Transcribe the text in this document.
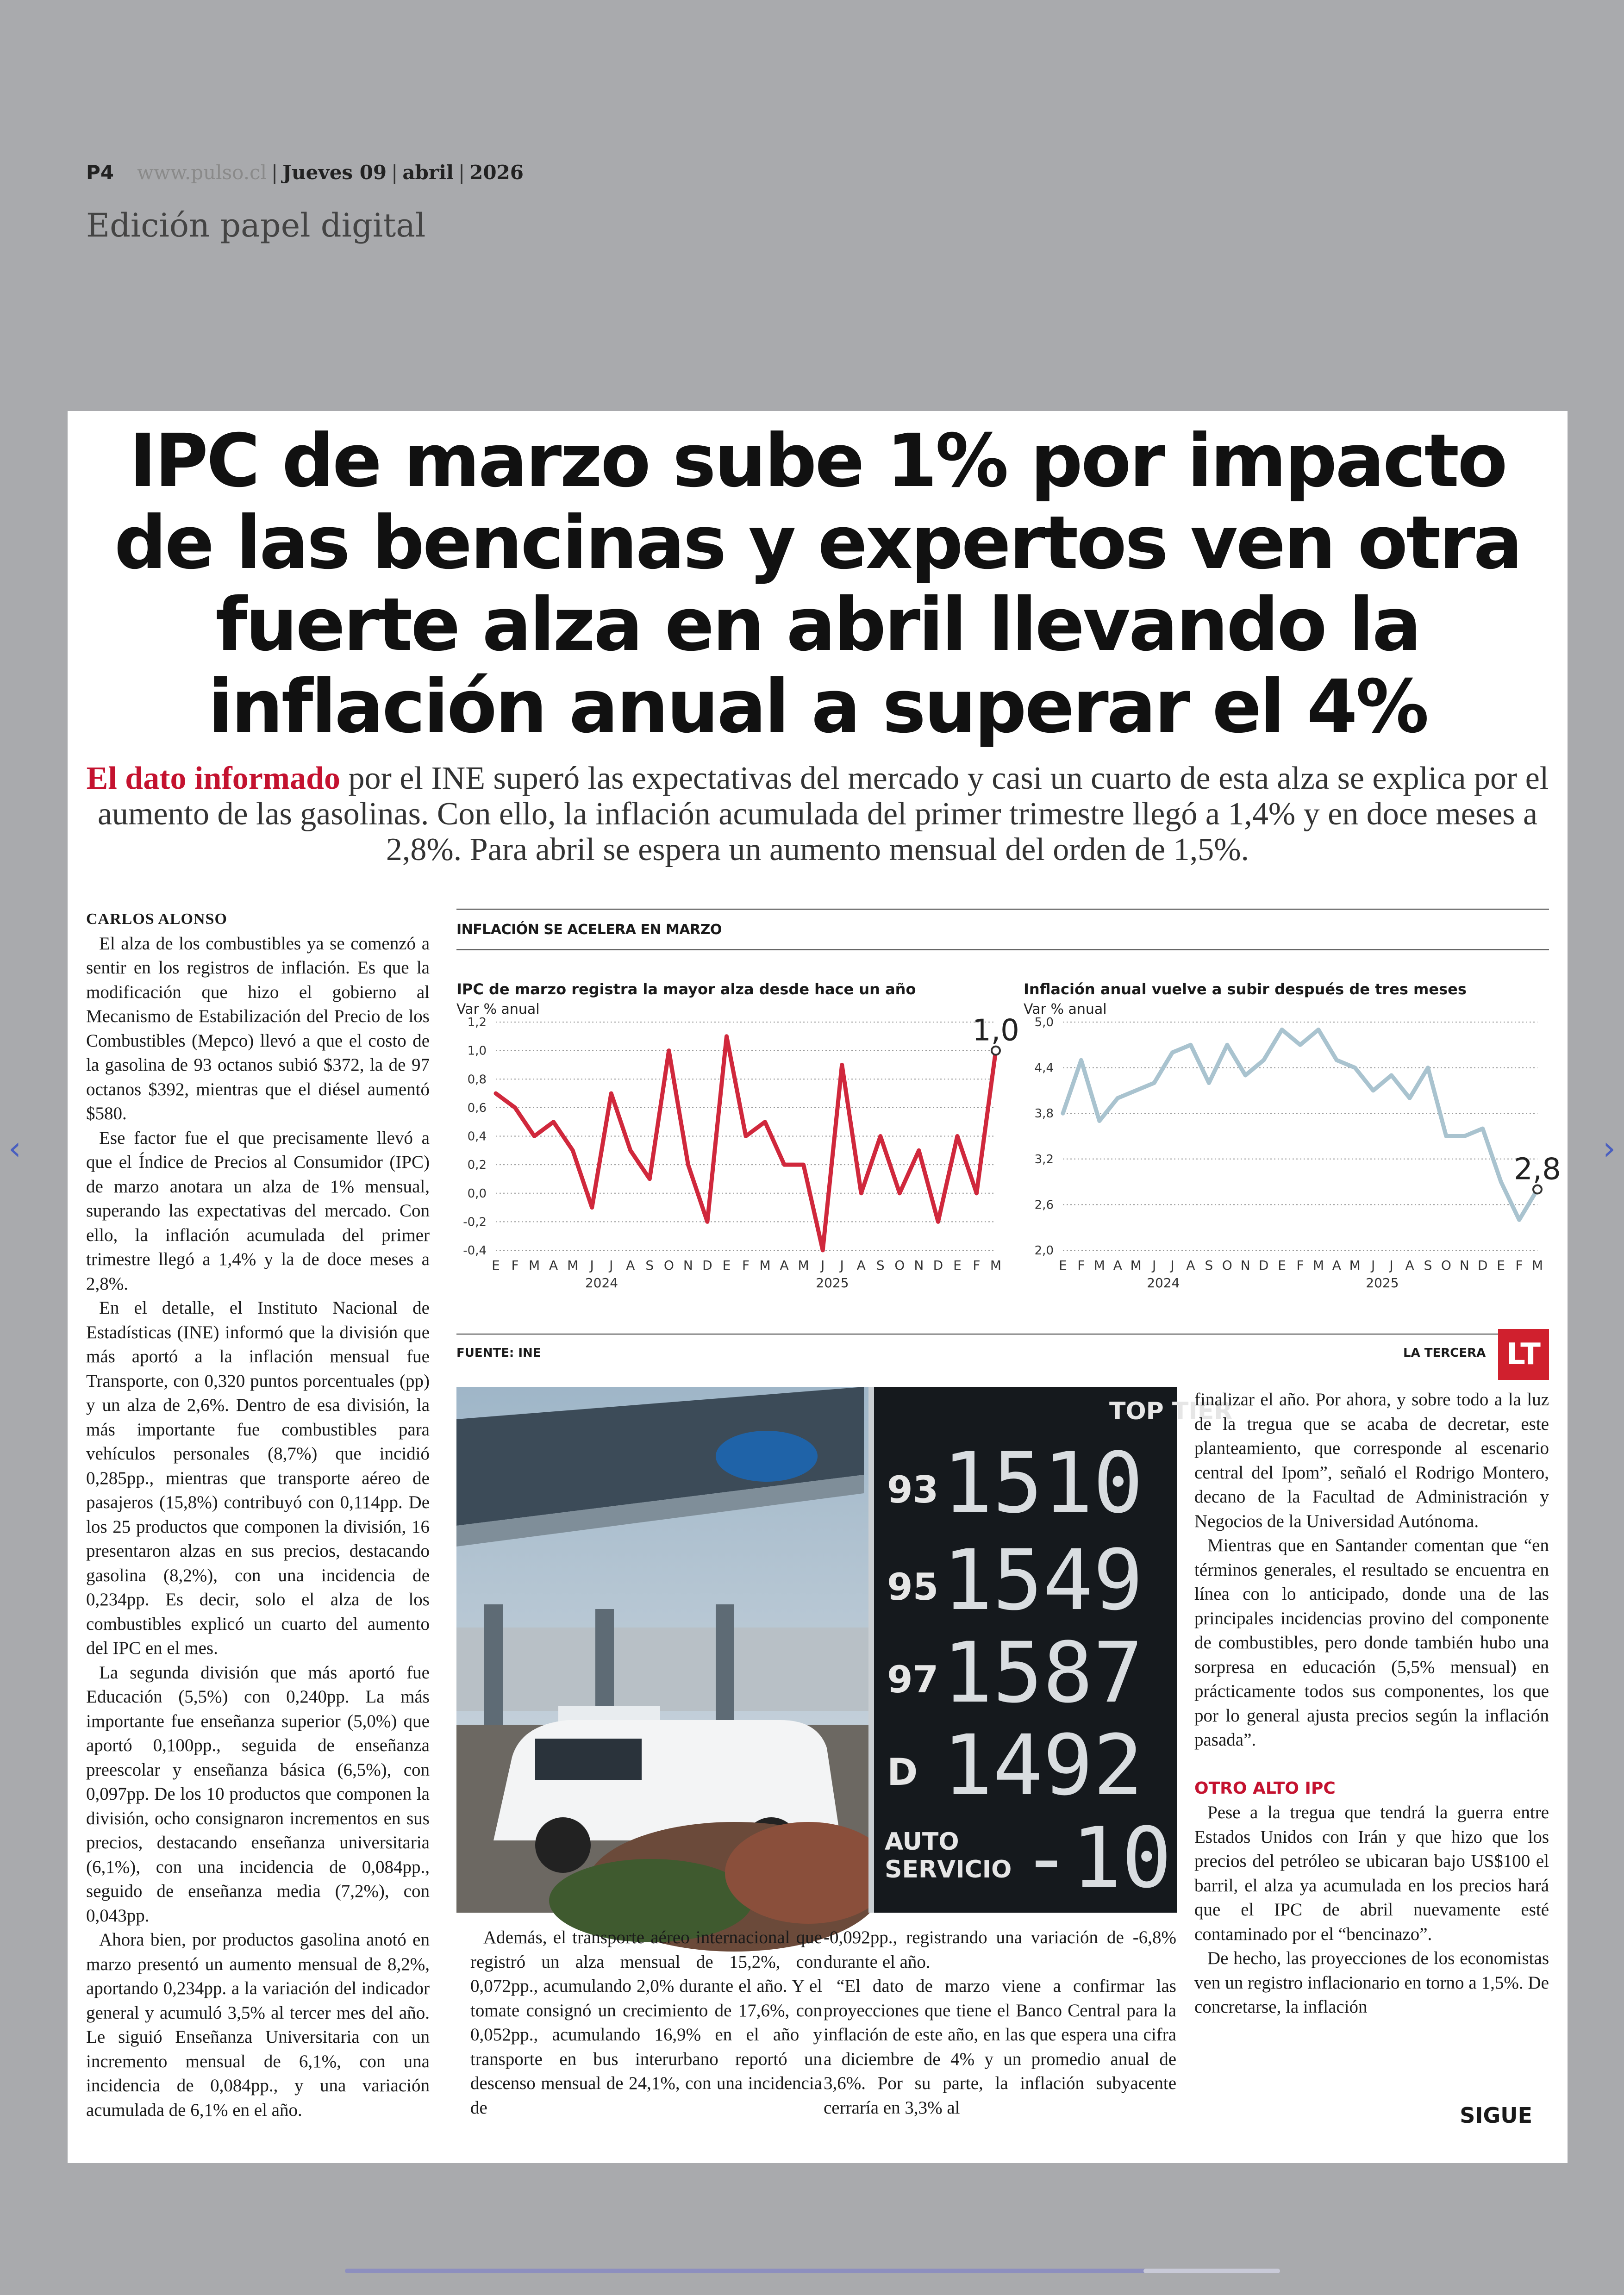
P4 www.pulso.cl | Jueves 09 | abril | 2026
Edición papel digital
‹	›
IPC de marzo sube 1% por impacto de las bencinas y expertos ven otra fuerte alza en abril llevando la inflación anual a superar el 4%

El dato informado por el INE superó las expectativas del mercado y casi un cuarto de esta alza se explica por el aumento de las gasolinas. Con ello, la inflación acumulada del primer trimestre llegó a 1,4% y en doce meses a 2,8%. Para abril se espera un aumento mensual del orden de 1,5%.

CARLOS ALONSO

El alza de los combustibles ya se comenzó a sentir en los registros de inflación. Es que la modificación que hizo el gobierno al Mecanismo de Estabilización del Precio de los Combustibles (Mepco) llevó a que el costo de la gasolina de 93 octanos subió $372, la de 97 octanos $392, mientras que el diésel aumentó $580.

Ese factor fue el que precisamente llevó a que el Índice de Precios al Consumidor (IPC) de marzo anotara un alza de 1% mensual, superando las expectativas del mercado. Con ello, la inflación acumulada del primer trimestre llegó a 1,4% y la de doce meses a 2,8%.

En el detalle, el Instituto Nacional de Estadísticas (INE) informó que la división que más aportó a la inflación mensual fue Transporte, con 0,320 puntos porcentuales (pp) y un alza de 2,6%. Dentro de esa división, la más importante fue combustibles para vehículos personales (8,7%) que incidió 0,285pp., mientras que transporte aéreo de pasajeros (15,8%) contribuyó con 0,114pp. De los 25 productos que componen la división, 16 presentaron alzas en sus precios, destacando gasolina (8,2%), con una incidencia de 0,234pp. Es decir, solo el alza de los combustibles explicó un cuarto del aumento del IPC en el mes.

La segunda división que más aportó fue Educación (5,5%) con 0,240pp. La más importante fue enseñanza superior (5,0%) que aportó 0,100pp., seguida de enseñanza preescolar y enseñanza básica (6,5%), con 0,097pp. De los 10 productos que componen la división, ocho consignaron incrementos en sus precios, destacando enseñanza universitaria (6,1%), con una incidencia de 0,084pp., seguido de enseñanza media (7,2%), con 0,043pp.

Ahora bien, por productos gasolina anotó en marzo presentó un aumento mensual de 8,2%, aportando 0,234pp. a la variación del indicador general y acumuló 3,5% al tercer mes del año. Le siguió Enseñanza Universitaria con un incremento mensual de 6,1%, con una incidencia de 0,084pp., y una variación acumulada de 6,1% en el año.

INFLACIÓN SE ACELERA EN MARZO
IPC de marzo registra la mayor alza desde hace un año
Var % anual
-0,4
-0,2
0,0
0,2
0,4
0,6
0,8
1,0
1,2
E F M A M J J A S O N D E F M A M J J A S O N D E F M
2024	2025
1,0
Inflación anual vuelve a subir después de tres meses
Var % anual
2,0
2,6
3,2
3,8
4,4
5,0
E F M A M J J A S O N D E F M A M J J A S O N D E F M
2024	2025
2,8
FUENTE: INE	LA TERCERA LT
TOP TIER
93 1510
95 1549
97 1587
D 1492
AUTO
SERVICIO -10

Además, el transporte aéreo internacional que registró un alza mensual de 15,2%, con 0,072pp., acumulando 2,0% durante el año. Y el tomate consignó un crecimiento de 17,6%, con 0,052pp., acumulando 16,9% en el año y transporte en bus interurbano reportó un descenso mensual de 24,1%, con una incidencia de

-0,092pp., registrando una variación de -6,8% durante el año.

“El dato de marzo viene a confirmar las proyecciones que tiene el Banco Central para la inflación de este año, en las que espera una cifra a diciembre de 4% y un promedio anual de 3,6%. Por su parte, la inflación subyacente cerraría en 3,3% al

finalizar el año. Por ahora, y sobre todo a la luz de la tregua que se acaba de decretar, este planteamiento, que corresponde al escenario central del Ipom”, señaló el Rodrigo Montero, decano de la Facultad de Administración y Negocios de la Universidad Autónoma.

Mientras que en Santander comentan que “en términos generales, el resultado se encuentra en línea con lo anticipado, donde una de las principales incidencias provino del componente de combustibles, pero donde también hubo una sorpresa en educación (5,5% mensual) en prácticamente todos sus componentes, los que por lo general ajusta precios según la inflación pasada”.

OTRO ALTO IPC

Pese a la tregua que tendrá la guerra entre Estados Unidos con Irán y que hizo que los precios del petróleo se ubicaran bajo US$100 el barril, el alza ya acumulada en los precios hará que el IPC de abril nuevamente esté contaminado por el “bencinazo”.

De hecho, las proyecciones de los economistas ven un registro inflacionario en torno a 1,5%. De concretarse, la inflación

SIGUE
